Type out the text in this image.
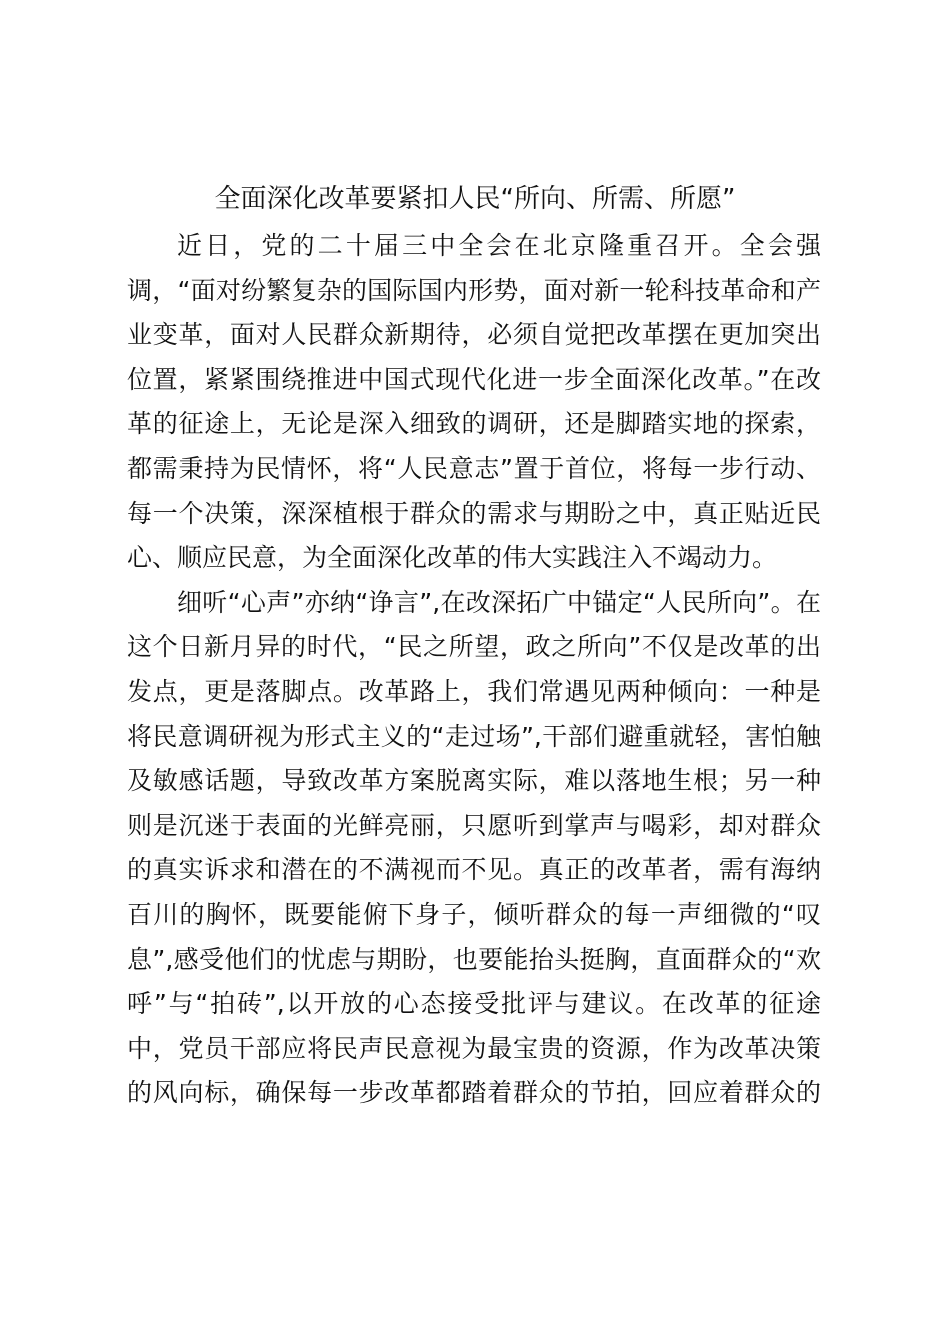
全面深化改革要紧扣人民“所向、所需、所愿”
近日，党的二十届三中全会在北京隆重召开。全会强
调，“面对纷繁复杂的国际国内形势，面对新一轮科技革命和产
业变革，面对人民群众新期待，必须自觉把改革摆在更加突出
位置，紧紧围绕推进中国式现代化进一步全面深化改革。”在改
革的征途上，无论是深入细致的调研，还是脚踏实地的探索，
都需秉持为民情怀，将“人民意志”置于首位，将每一步行动、
每一个决策，深深植根于群众的需求与期盼之中，真正贴近民
心、顺应民意，为全面深化改革的伟大实践注入不竭动力。
细听“心声”亦纳“诤言”,在改深拓广中锚定“人民所向”。在
这个日新月异的时代，“民之所望，政之所向”不仅是改革的出
发点，更是落脚点。改革路上，我们常遇见两种倾向：一种是
将民意调研视为形式主义的“走过场”,干部们避重就轻，害怕触
及敏感话题，导致改革方案脱离实际，难以落地生根；另一种
则是沉迷于表面的光鲜亮丽，只愿听到掌声与喝彩，却对群众
的真实诉求和潜在的不满视而不见。真正的改革者，需有海纳
百川的胸怀，既要能俯下身子，倾听群众的每一声细微的“叹
息”,感受他们的忧虑与期盼，也要能抬头挺胸，直面群众的“欢
呼”与“拍砖”,以开放的心态接受批评与建议。在改革的征途
中，党员干部应将民声民意视为最宝贵的资源，作为改革决策
的风向标，确保每一步改革都踏着群众的节拍，回应着群众的
